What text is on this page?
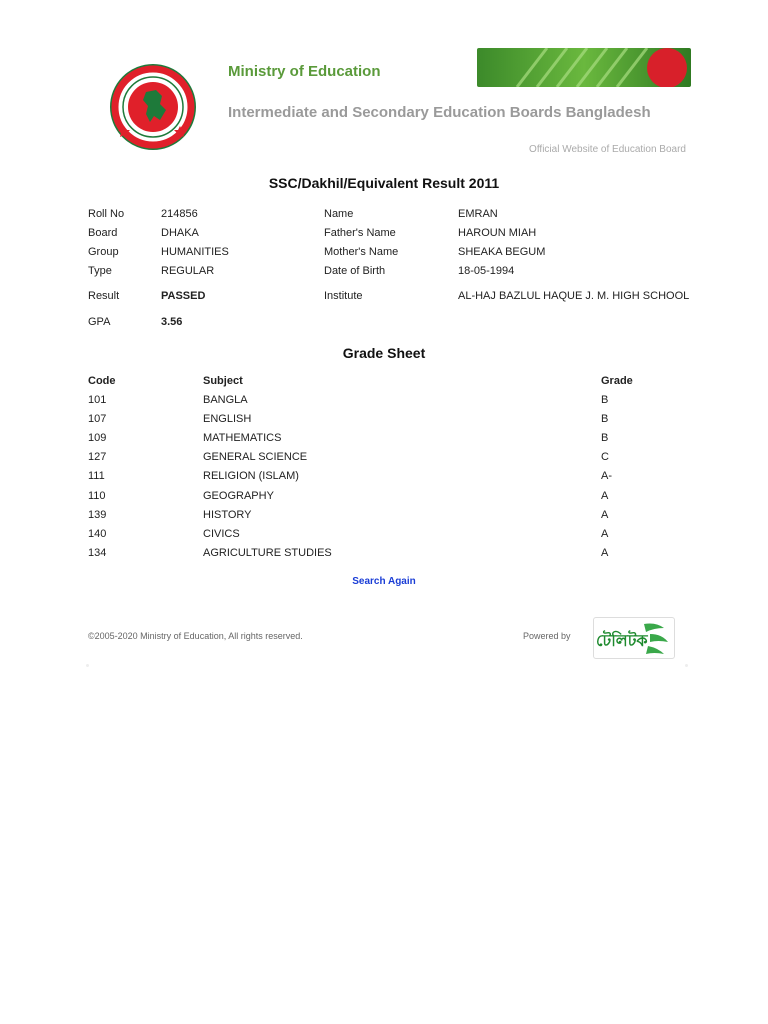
Ministry of Education
Intermediate and Secondary Education Boards Bangladesh
Official Website of Education Board
SSC/Dakhil/Equivalent Result 2011
Roll No	214856	Name	EMRAN
Board	DHAKA	Father's Name	HAROUN MIAH
Group	HUMANITIES	Mother's Name	SHEAKA BEGUM
Type	REGULAR	Date of Birth	18-05-1994
Result	PASSED	Institute	AL-HAJ BAZLUL HAQUE J. M. HIGH SCHOOL
GPA	3.56		
Grade Sheet
Code	Subject	Grade
101	BANGLA	B
107	ENGLISH	B
109	MATHEMATICS	B
127	GENERAL SCIENCE	C
111	RELIGION (ISLAM)	A-
110	GEOGRAPHY	A
139	HISTORY	A
140	CIVICS	A
134	AGRICULTURE STUDIES	A
Search Again
©2005-2020 Ministry of Education, All rights reserved.	Powered by টেলিটক
